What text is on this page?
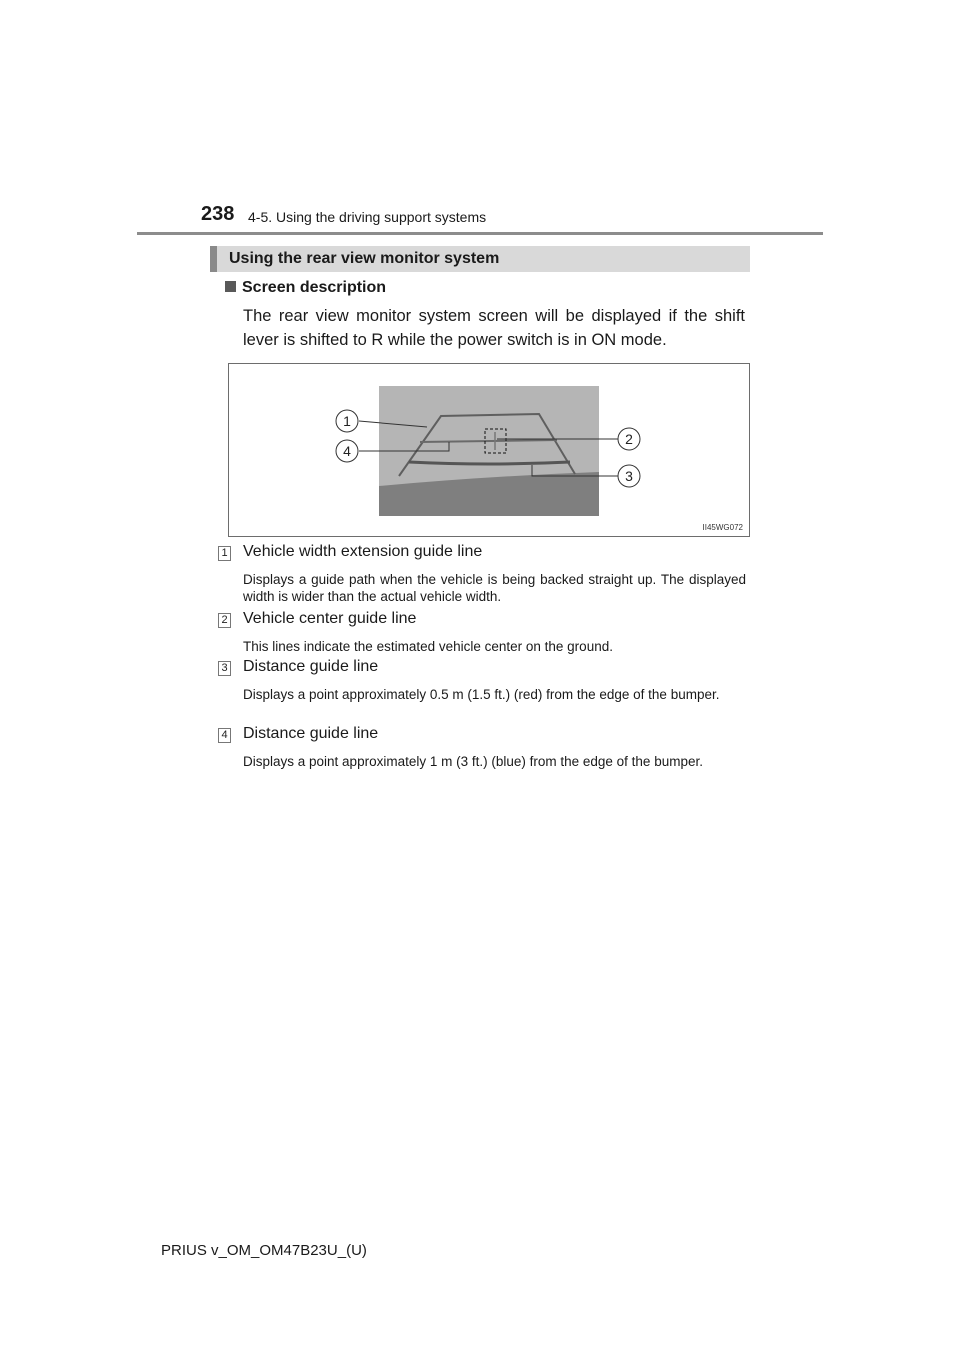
238 4-5. Using the driving support systems
Using the rear view monitor system
Screen description
The rear view monitor system screen will be displayed if the shift lever is shifted to R while the power switch is in ON mode.
1
2
3
4
II45WG072
1 Vehicle width extension guide line
Displays a guide path when the vehicle is being backed straight up. The displayed width is wider than the actual vehicle width.
2 Vehicle center guide line
This lines indicate the estimated vehicle center on the ground.
3 Distance guide line
Displays a point approximately 0.5 m (1.5 ft.) (red) from the edge of the bumper.
4 Distance guide line
Displays a point approximately 1 m (3 ft.) (blue) from the edge of the bumper.
PRIUS v_OM_OM47B23U_(U)
